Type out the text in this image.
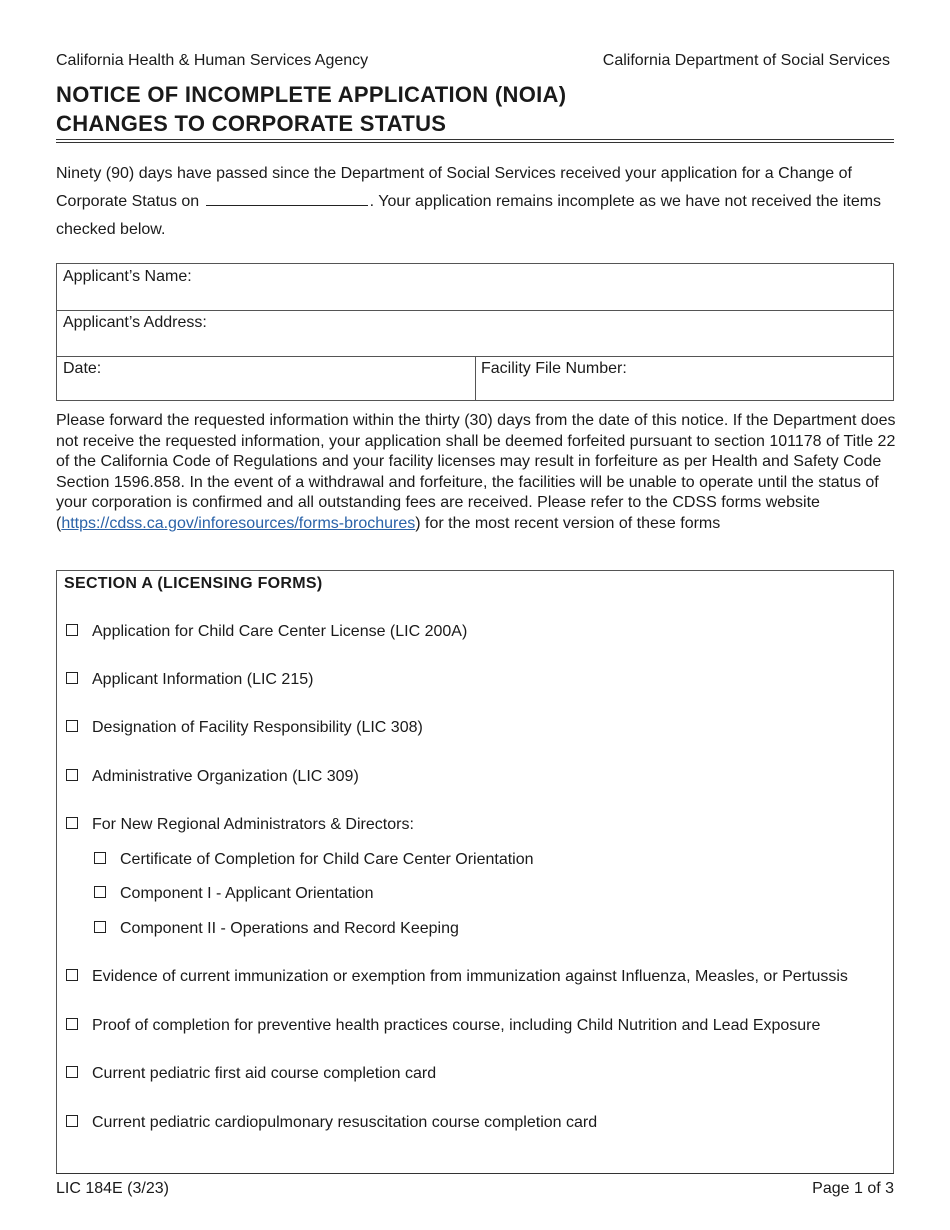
California Health & Human Services Agency	California Department of Social Services
NOTICE OF INCOMPLETE APPLICATION (NOIA)
CHANGES TO CORPORATE STATUS
Ninety (90) days have passed since the Department of Social Services received your application for a Change of Corporate Status on	. Your application remains incomplete as we have not received the items checked below.
Applicant’s Name:
Applicant’s Address:
Date:	Facility File Number:
Please forward the requested information within the thirty (30) days from the date of this notice. If the Department does not receive the requested information, your application shall be deemed forfeited pursuant to section 101178 of Title 22 of the California Code of Regulations and your facility licenses may result in forfeiture as per Health and Safety Code Section 1596.858. In the event of a withdrawal and forfeiture, the facilities will be unable to operate until the status of your corporation is confirmed and all outstanding fees are received. Please refer to the CDSS forms website (https://cdss.ca.gov/inforesources/forms-brochures) for the most recent version of these forms
SECTION A (LICENSING FORMS)
Application for Child Care Center License (LIC 200A)
Applicant Information (LIC 215)
Designation of Facility Responsibility (LIC 308)
Administrative Organization (LIC 309)
For New Regional Administrators & Directors:
Certificate of Completion for Child Care Center Orientation
Component I - Applicant Orientation
Component II - Operations and Record Keeping
Evidence of current immunization or exemption from immunization against Influenza, Measles, or Pertussis
Proof of completion for preventive health practices course, including Child Nutrition and Lead Exposure
Current pediatric first aid course completion card
Current pediatric cardiopulmonary resuscitation course completion card
LIC 184E (3/23)	Page 1 of 3
